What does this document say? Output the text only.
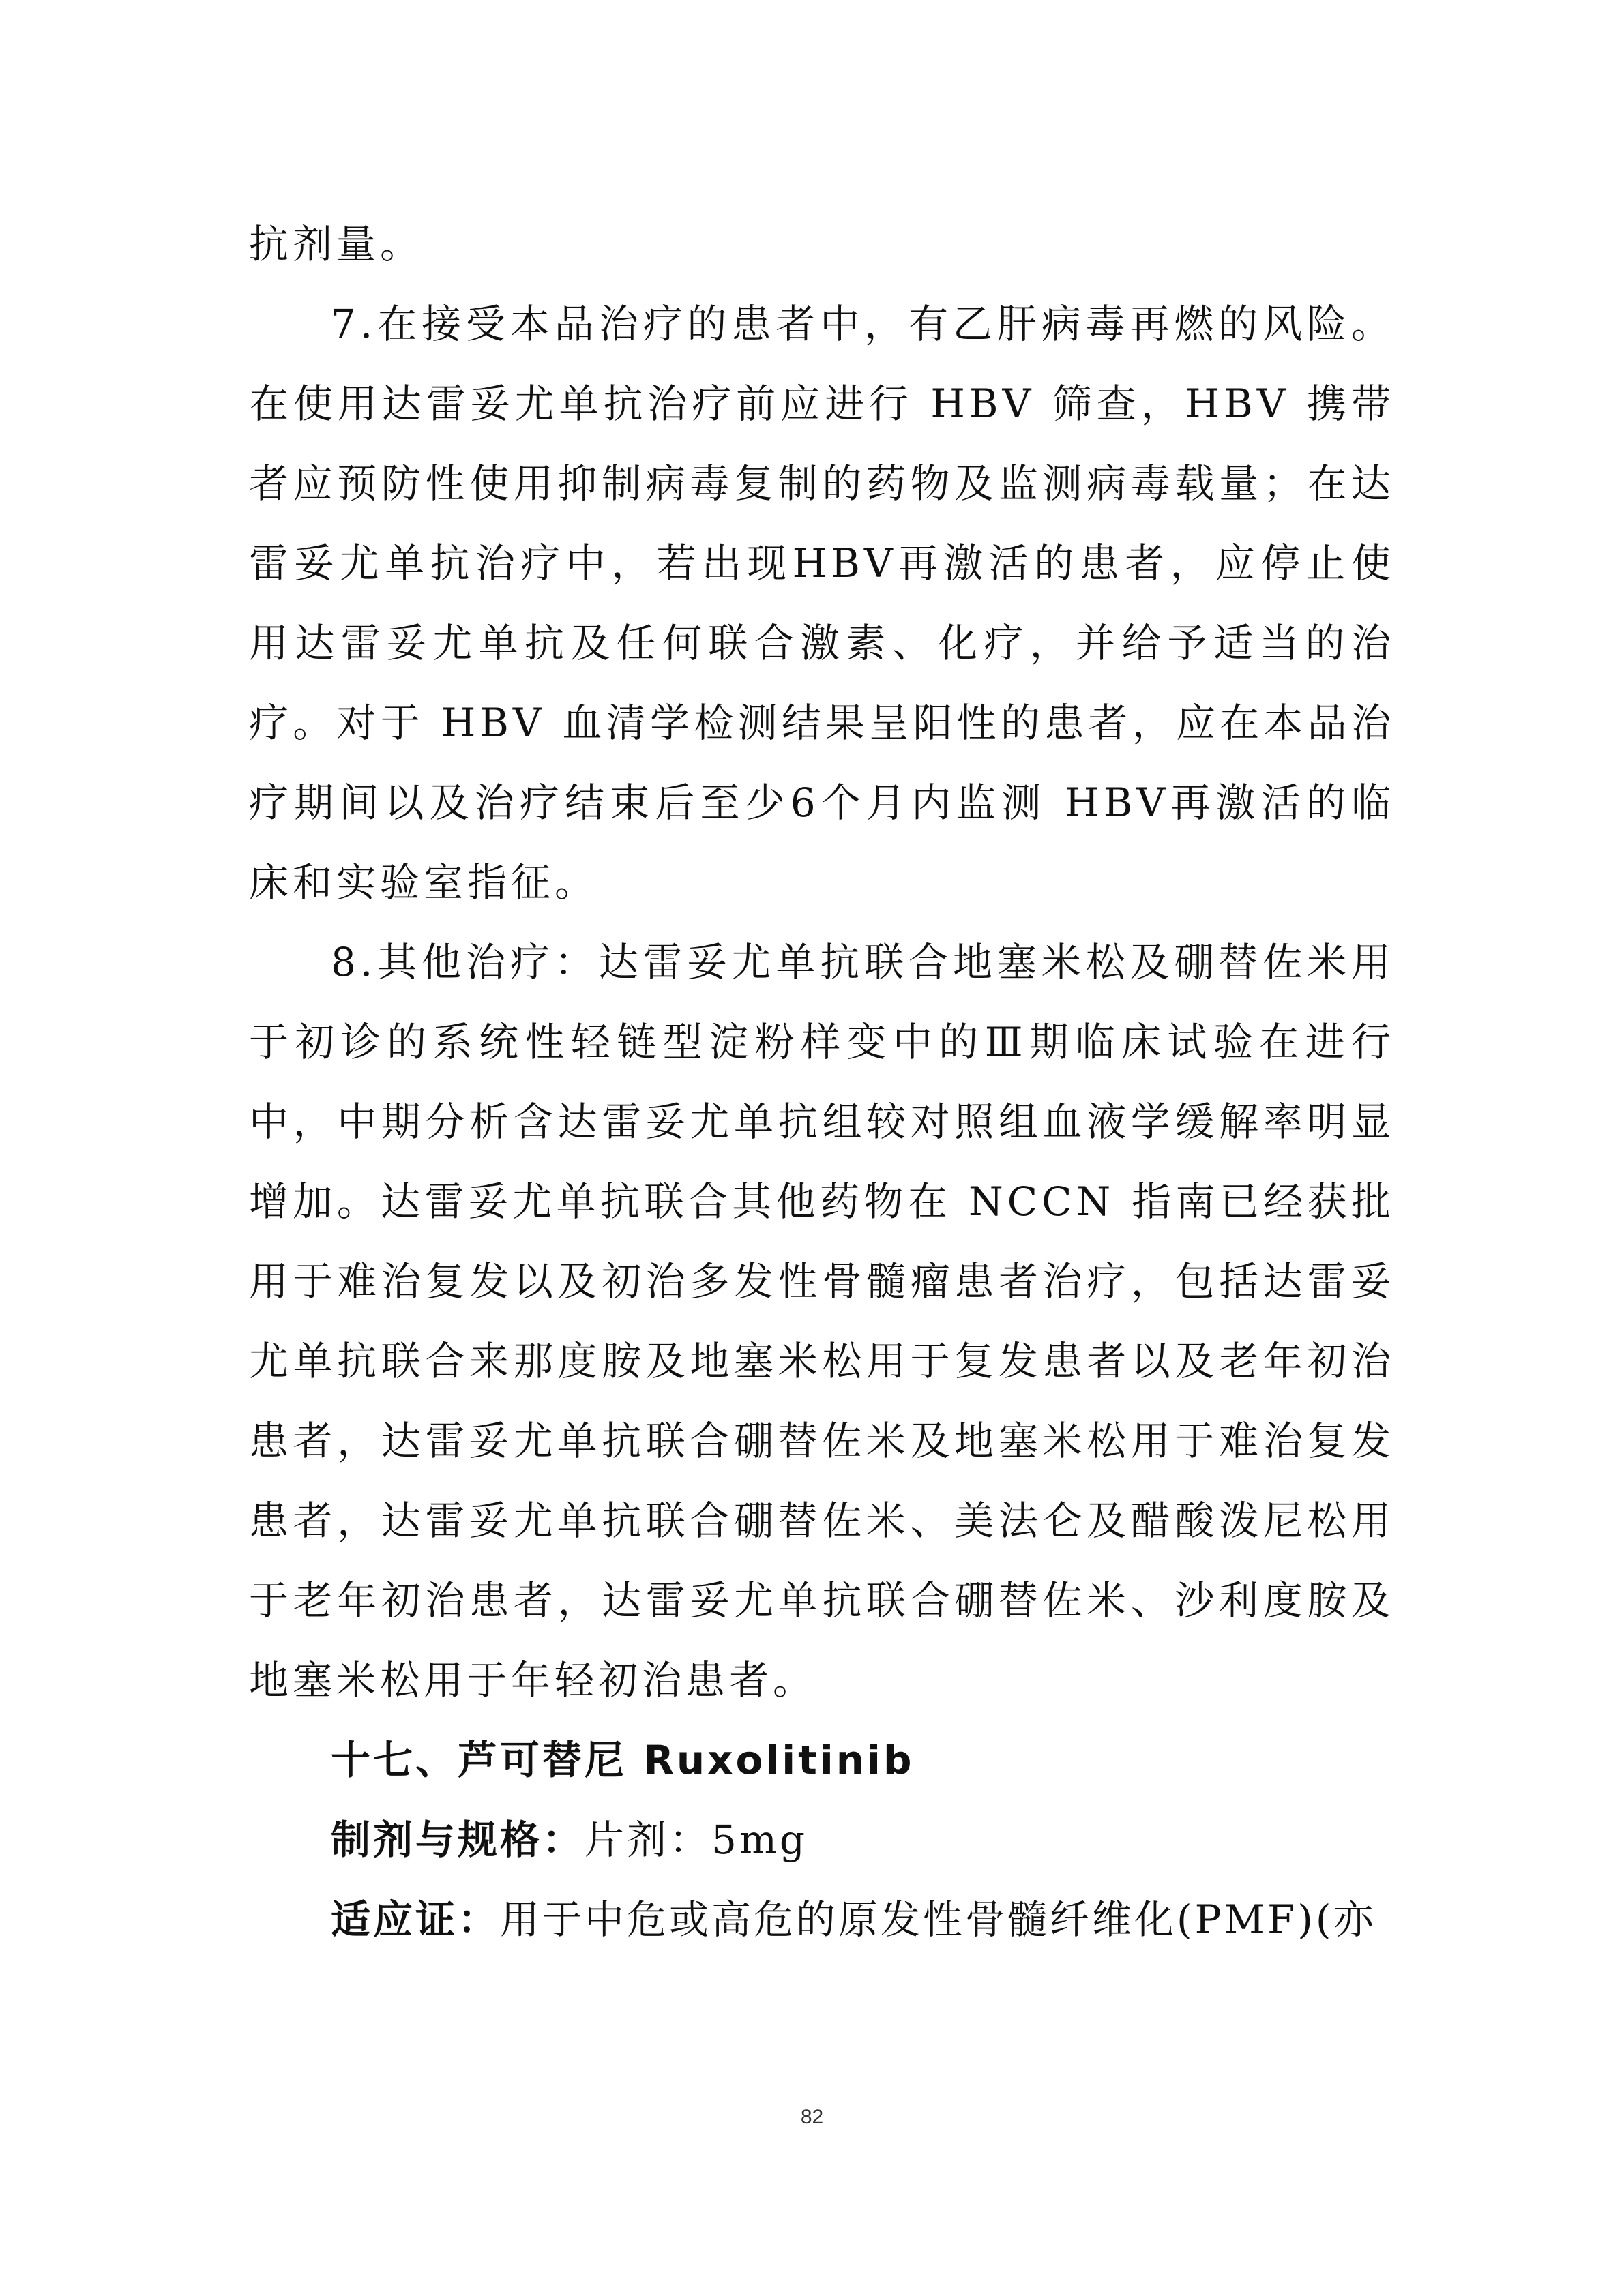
抗剂量。

7.在接受本品治疗的患者中，有乙肝病毒再燃的风险。在使用达雷妥尤单抗治疗前应进行 HBV 筛查，HBV 携带者应预防性使用抑制病毒复制的药物及监测病毒载量；在达雷妥尤单抗治疗中，若出现HBV再激活的患者，应停止使用达雷妥尤单抗及任何联合激素、化疗，并给予适当的治疗。对于 HBV 血清学检测结果呈阳性的患者，应在本品治疗期间以及治疗结束后至少6个月内监测 HBV再激活的临床和实验室指征。

8.其他治疗：达雷妥尤单抗联合地塞米松及硼替佐米用于初诊的系统性轻链型淀粉样变中的Ⅲ期临床试验在进行中，中期分析含达雷妥尤单抗组较对照组血液学缓解率明显增加。达雷妥尤单抗联合其他药物在 NCCN 指南已经获批用于难治复发以及初治多发性骨髓瘤患者治疗，包括达雷妥尤单抗联合来那度胺及地塞米松用于复发患者以及老年初治患者，达雷妥尤单抗联合硼替佐米及地塞米松用于难治复发患者，达雷妥尤单抗联合硼替佐米、美法仑及醋酸泼尼松用于老年初治患者，达雷妥尤单抗联合硼替佐米、沙利度胺及地塞米松用于年轻初治患者。

十七、芦可替尼 Ruxolitinib

制剂与规格：片剂：5mg

适应证：用于中危或高危的原发性骨髓纤维化(PMF)(亦

82
